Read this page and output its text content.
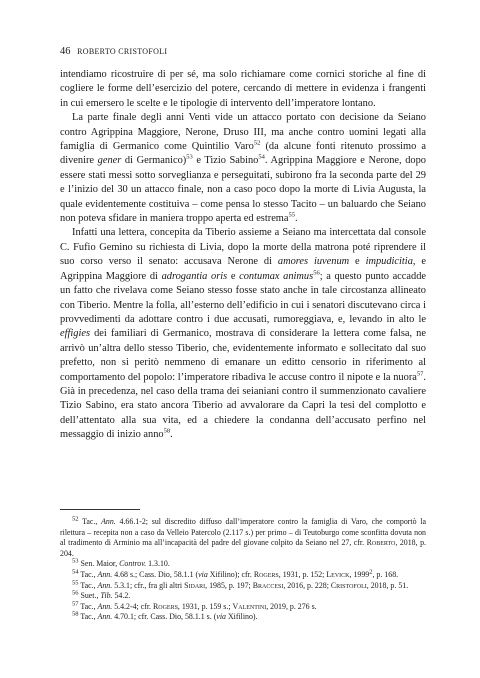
46 ROBERTO CRISTOFOLI

intendiamo ricostruire di per sé, ma solo richiamare come cornici storiche al fine di cogliere le forme dell’esercizio del potere, cercando di mettere in evidenza i frangenti in cui emersero le scelte e le tipologie di intervento dell’imperatore lontano.

La parte finale degli anni Venti vide un attacco portato con decisione da Seiano contro Agrippina Maggiore, Nerone, Druso III, ma anche contro uomini legati alla famiglia di Germanico come Quintilio Varo$^{52}$ (da alcune fonti ritenuto prossimo a divenire gener di Germanico)$^{53}$ e Tizio Sabino$^{54}$. Agrippina Maggiore e Nerone, dopo essere stati messi sotto sorveglianza e perseguitati, subirono fra la seconda parte del 29 e l’inizio del 30 un attacco finale, non a caso poco dopo la morte di Livia Augusta, la quale evidentemente costituiva – come pensa lo stesso Tacito – un baluardo che Seiano non poteva sfidare in maniera troppo aperta ed estrema$^{55}$.

Infatti una lettera, concepita da Tiberio assieme a Seiano ma intercettata dal console C. Fufio Gemino su richiesta di Livia, dopo la morte della matrona poté riprendere il suo corso verso il senato: accusava Nerone di amores iuvenum e impudicitia, e Agrippina Maggiore di adrogantia oris e contumax animus$^{56}$; a questo punto accadde un fatto che rivelava come Seiano stesso fosse stato anche in tale circostanza allineato con Tiberio. Mentre la folla, all’esterno dell’edificio in cui i senatori discutevano circa i provvedimenti da adottare contro i due accusati, rumoreggiava, e, levando in alto le effigies dei familiari di Germanico, mostrava di considerare la lettera come falsa, ne arrivò un’altra dello stesso Tiberio, che, evidentemente informato e sollecitato dal suo prefetto, non si peritò nemmeno di emanare un editto censorio in riferimento al comportamento del popolo: l’imperatore ribadiva le accuse contro il nipote e la nuora$^{57}$. Già in precedenza, nel caso della trama dei seianiani contro il summenzionato cavaliere Tizio Sabino, era stato ancora Tiberio ad avvalorare da Capri la tesi del complotto e dell’attentato alla sua vita, ed a chiedere la condanna dell’accusato perfino nel messaggio di inizio anno$^{58}$.

$^{52}$ Tac., Ann. 4.66.1-2; sul discredito diffuso dall’imperatore contro la famiglia di Varo, che comportò la rilettura – recepita non a caso da Velleio Patercolo (2.117 s.) per primo – di Teutoburgo come sconfitta dovuta non al tradimento di Arminio ma all’incapacità del padre del giovane colpito da Seiano nel 27, cfr. Roberto, 2018, p. 204.

$^{53}$ Sen. Maior, Controv. 1.3.10.

$^{54}$ Tac., Ann. 4.68 s.; Cass. Dio, 58.1.1 (via Xifilino); cfr. Rogers, 1931, p. 152; Levick, 1999$^2$, p. 168.

$^{55}$ Tac., Ann. 5.3.1; cfr., fra gli altri Sidari, 1985, p. 197; Braccesi, 2016, p. 228; Cristofoli, 2018, p. 51.

$^{56}$ Suet., Tib. 54.2.

$^{57}$ Tac., Ann. 5.4.2-4; cfr. Rogers, 1931, p. 159 s.; Valentini, 2019, p. 276 s.

$^{58}$ Tac., Ann. 4.70.1; cfr. Cass. Dio, 58.1.1 s. (via Xifilino).
